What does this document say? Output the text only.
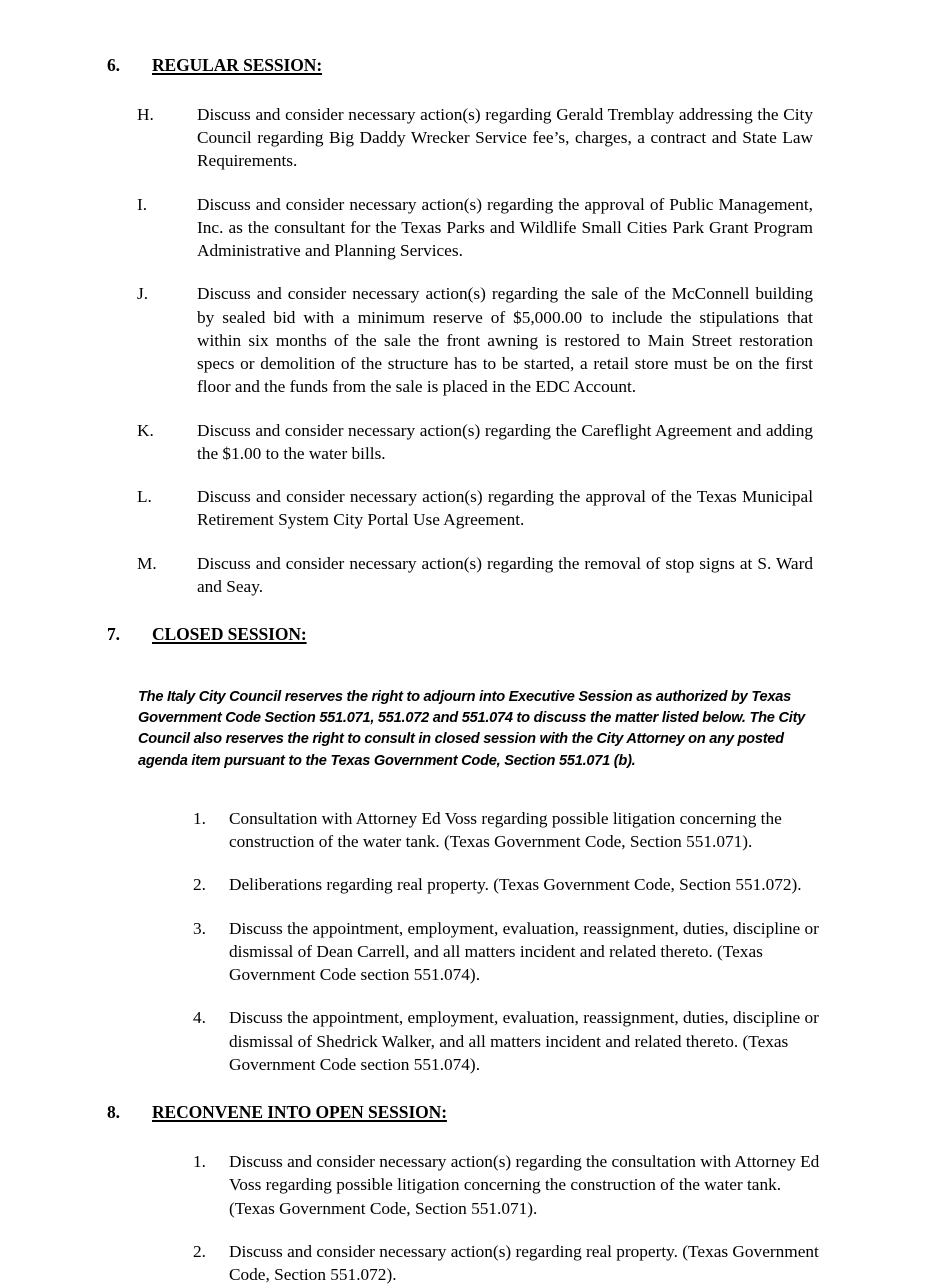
6. REGULAR SESSION:
H.	Discuss and consider necessary action(s) regarding Gerald Tremblay addressing the City Council regarding Big Daddy Wrecker Service fee’s, charges, a contract and State Law Requirements.
I.	Discuss and consider necessary action(s) regarding the approval of Public Management, Inc. as the consultant for the Texas Parks and Wildlife Small Cities Park Grant Program Administrative and Planning Services.
J.	Discuss and consider necessary action(s) regarding the sale of the McConnell building by sealed bid with a minimum reserve of $5,000.00 to include the stipulations that within six months of the sale the front awning is restored to Main Street restoration specs or demolition of the structure has to be started, a retail store must be on the first floor and the funds from the sale is placed in the EDC Account.
K.	Discuss and consider necessary action(s) regarding the Careflight Agreement and adding the $1.00 to the water bills.
L.	Discuss and consider necessary action(s) regarding the approval of the Texas Municipal Retirement System City Portal Use Agreement.
M.	Discuss and consider necessary action(s) regarding the removal of stop signs at S. Ward and Seay.
7. CLOSED SESSION:

The Italy City Council reserves the right to adjourn into Executive Session as authorized by Texas Government Code Section 551.071, 551.072 and 551.074 to discuss the matter listed below. The City Council also reserves the right to consult in closed session with the City Attorney on any posted agenda item pursuant to the Texas Government Code, Section 551.071 (b).

1.	Consultation with Attorney Ed Voss regarding possible litigation concerning the construction of the water tank. (Texas Government Code, Section 551.071).
2.	Deliberations regarding real property. (Texas Government Code, Section 551.072).
3.	Discuss the appointment, employment, evaluation, reassignment, duties, discipline or dismissal of Dean Carrell, and all matters incident and related thereto. (Texas Government Code section 551.074).
4.	Discuss the appointment, employment, evaluation, reassignment, duties, discipline or dismissal of Shedrick Walker, and all matters incident and related thereto. (Texas Government Code section 551.074).
8. RECONVENE INTO OPEN SESSION:
1.	Discuss and consider necessary action(s) regarding the consultation with Attorney Ed Voss regarding possible litigation concerning the construction of the water tank. (Texas Government Code, Section 551.071).
2.	Discuss and consider necessary action(s) regarding real property. (Texas Government Code, Section 551.072).
